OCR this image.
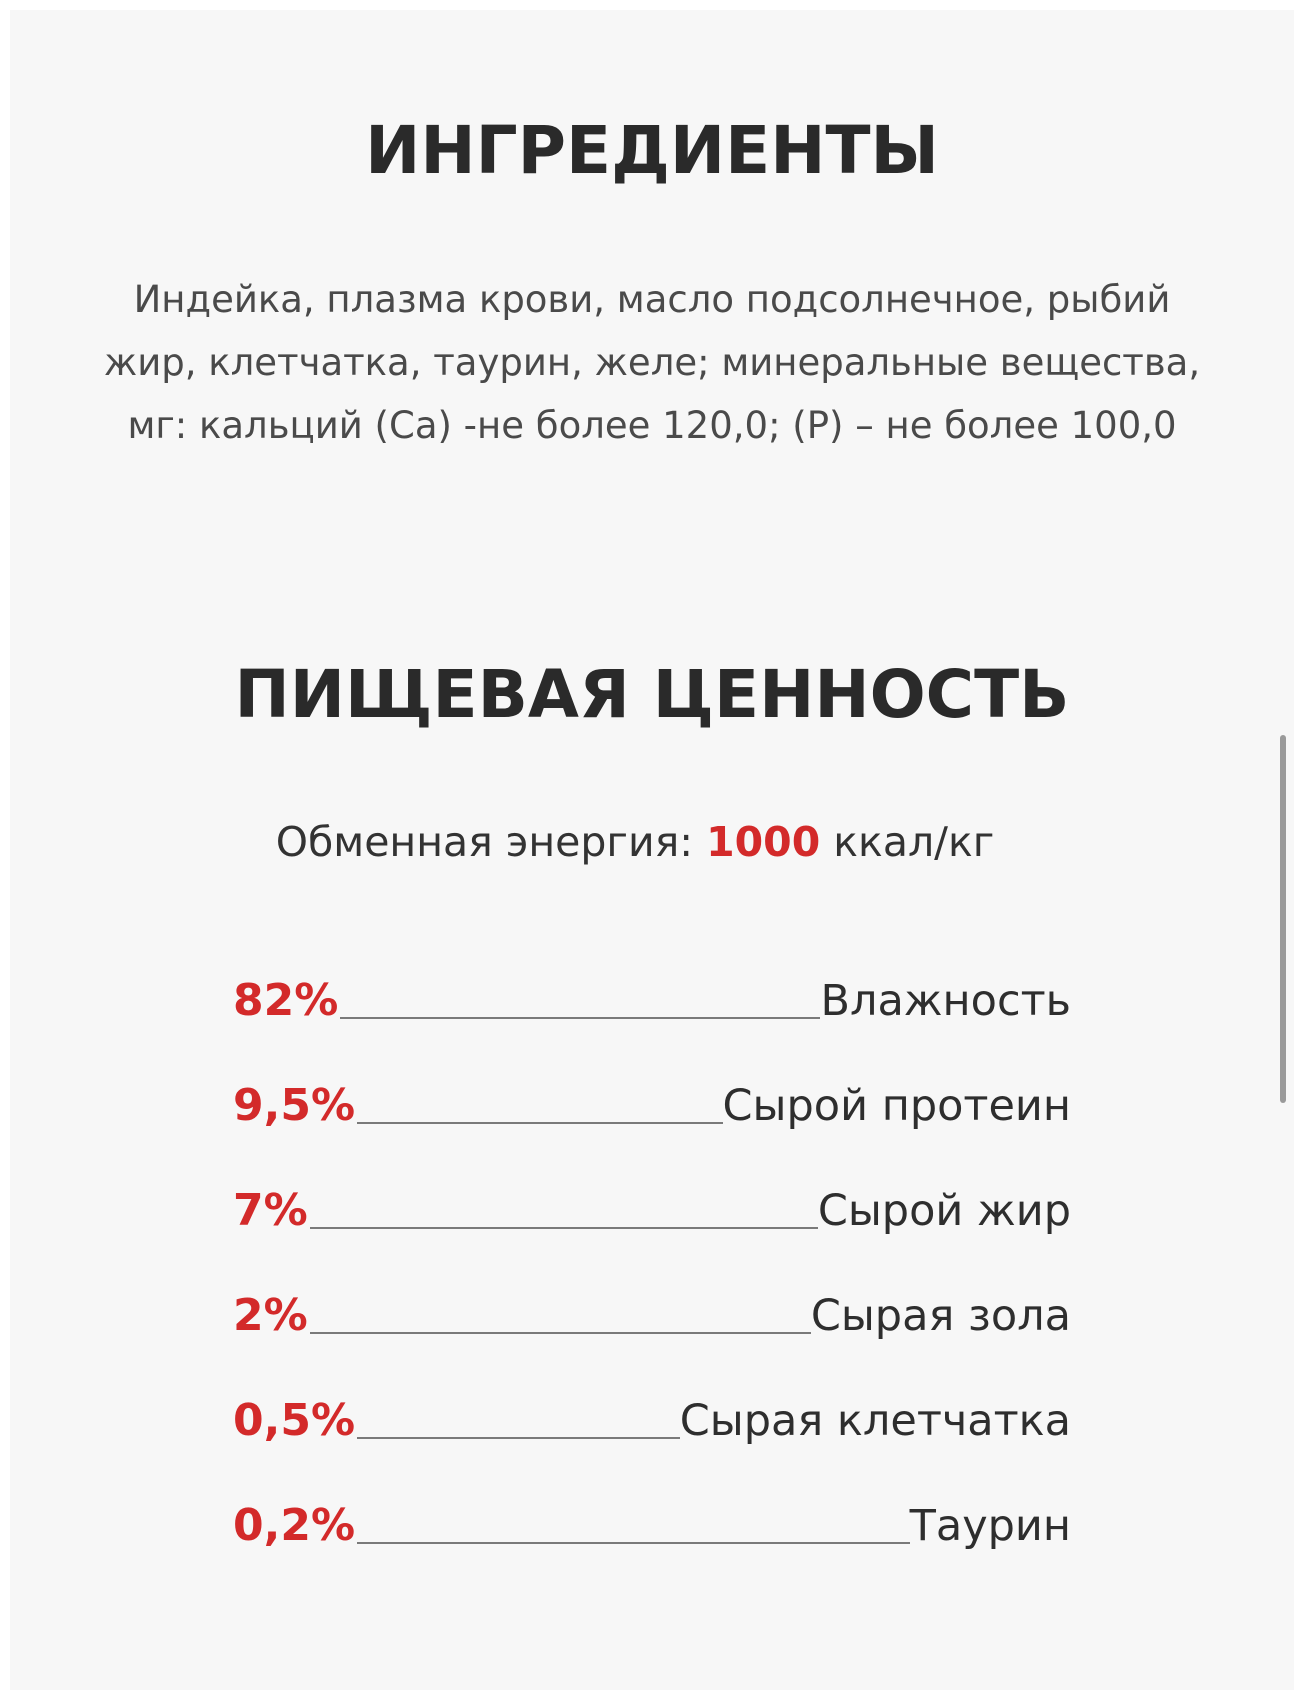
ИНГРЕДИЕНТЫ
Индейка, плазма крови, масло подсолнечное, рыбий
жир, клетчатка, таурин, желе; минеральные вещества,
мг: кальций (Са) -не более 120,0; (Р) – не более 100,0
ПИЩЕВАЯ ЦЕННОСТЬ
Обменная энергия: 1000 ккал/кг
82%	Влажность
9,5%	Сырой протеин
7%	Сырой жир
2%	Сырая зола
0,5%	Сырая клетчатка
0,2%	Таурин
